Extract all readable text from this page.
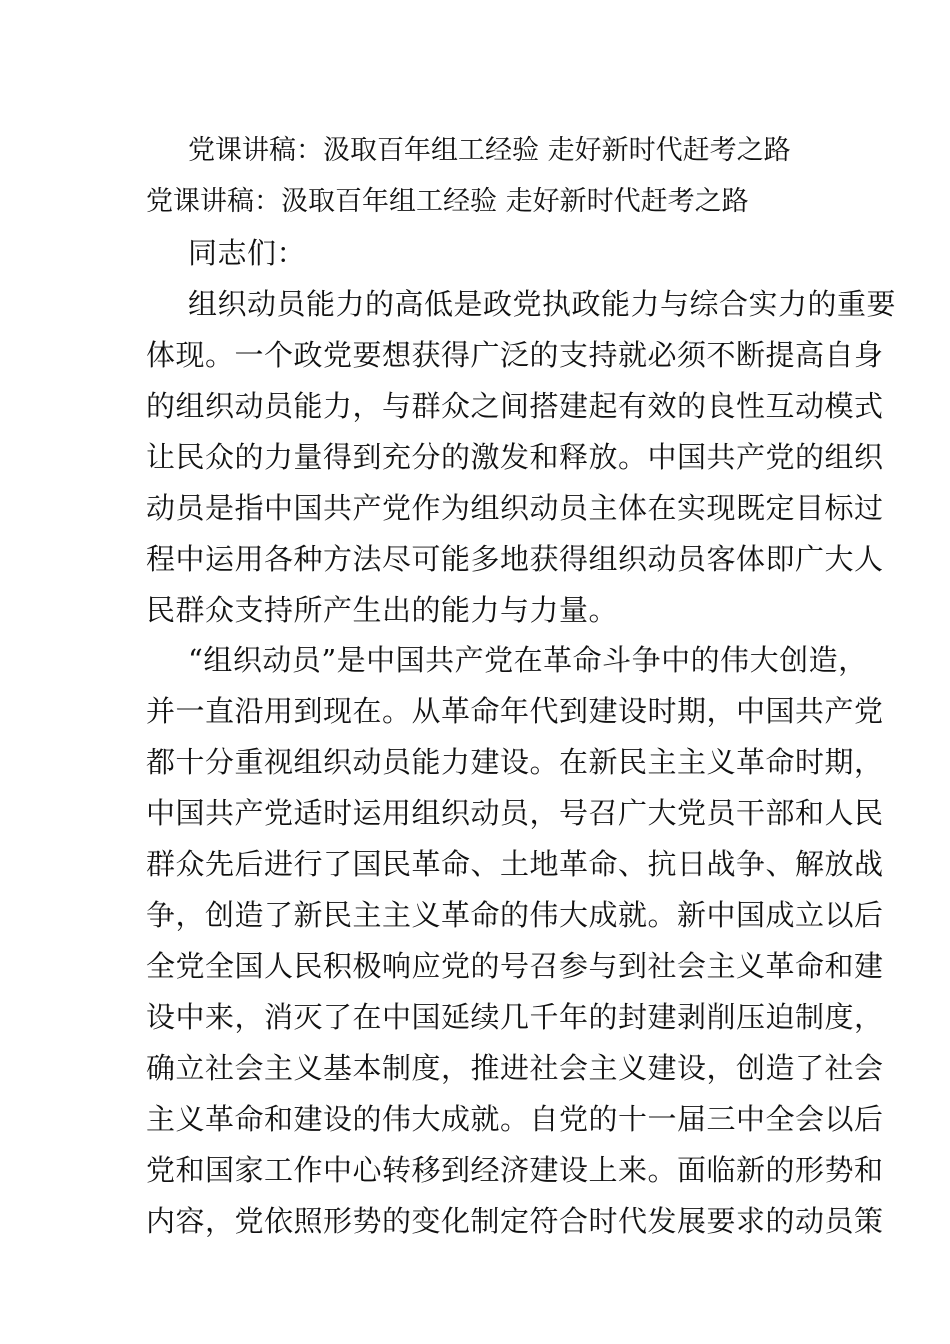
党课讲稿：汲取百年组工经验 走好新时代赶考之路
党课讲稿：汲取百年组工经验 走好新时代赶考之路
同志们：
组织动员能力的高低是政党执政能力与综合实力的重要
体现。一个政党要想获得广泛的支持就必须不断提高自身
的组织动员能力，与群众之间搭建起有效的良性互动模式
让民众的力量得到充分的激发和释放。中国共产党的组织
动员是指中国共产党作为组织动员主体在实现既定目标过
程中运用各种方法尽可能多地获得组织动员客体即广大人
民群众支持所产生出的能力与力量。
“组织动员”是中国共产党在革命斗争中的伟大创造，
并一直沿用到现在。从革命年代到建设时期，中国共产党
都十分重视组织动员能力建设。在新民主主义革命时期，
中国共产党适时运用组织动员，号召广大党员干部和人民
群众先后进行了国民革命、土地革命、抗日战争、解放战
争，创造了新民主主义革命的伟大成就。新中国成立以后
全党全国人民积极响应党的号召参与到社会主义革命和建
设中来，消灭了在中国延续几千年的封建剥削压迫制度，
确立社会主义基本制度，推进社会主义建设，创造了社会
主义革命和建设的伟大成就。自党的十一届三中全会以后
党和国家工作中心转移到经济建设上来。面临新的形势和
内容，党依照形势的变化制定符合时代发展要求的动员策
